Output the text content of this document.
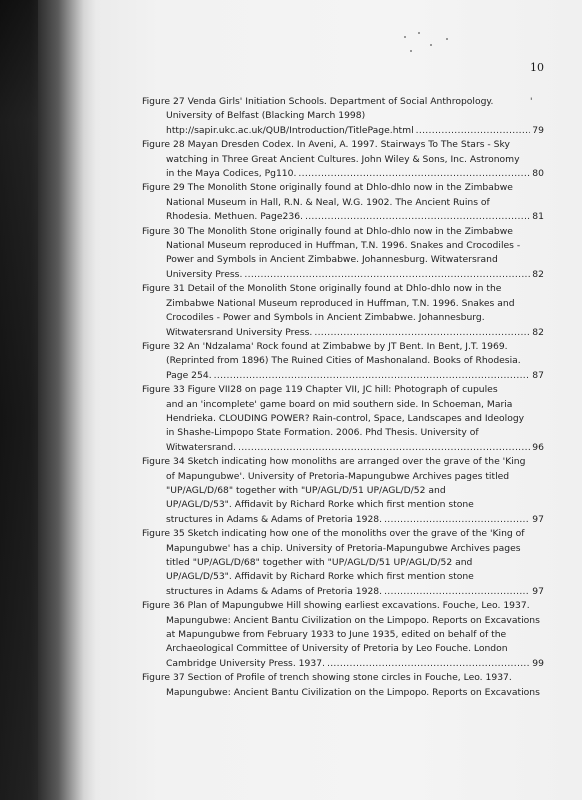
10
'
Figure 27 Venda Girls' Initiation Schools. Department of Social Anthropology.
University of Belfast (Blacking March 1998)
http://sapir.ukc.ac.uk/QUB/Introduction/TitlePage.html .....	79
Figure 28 Mayan Dresden Codex. In Aveni, A. 1997. Stairways To The Stars - Sky
watching in Three Great Ancient Cultures. John Wiley & Sons, Inc. Astronomy
in the Maya Codices, Pg110. .....	80
Figure 29 The Monolith Stone originally found at Dhlo-dhlo now in the Zimbabwe
National Museum in Hall, R.N. & Neal, W.G. 1902. The Ancient Ruins of
Rhodesia. Methuen. Page236. .....	81
Figure 30 The Monolith Stone originally found at Dhlo-dhlo now in the Zimbabwe
National Museum reproduced in Huffman, T.N. 1996. Snakes and Crocodiles -
Power and Symbols in Ancient Zimbabwe. Johannesburg. Witwatersrand
University Press. .....	82
Figure 31 Detail of the Monolith Stone originally found at Dhlo-dhlo now in the
Zimbabwe National Museum reproduced in Huffman, T.N. 1996. Snakes and
Crocodiles - Power and Symbols in Ancient Zimbabwe. Johannesburg.
Witwatersrand University Press. .....	82
Figure 32 An 'Ndzalama' Rock found at Zimbabwe by JT Bent. In Bent, J.T. 1969.
(Reprinted from 1896) The Ruined Cities of Mashonaland. Books of Rhodesia.
Page 254. .....	87
Figure 33 Figure VII28 on page 119 Chapter VII, JC hill: Photograph of cupules
and an 'incomplete' game board on mid southern side. In Schoeman, Maria
Hendrieka. CLOUDING POWER? Rain-control, Space, Landscapes and Ideology
in Shashe-Limpopo State Formation. 2006. Phd Thesis. University of
Witwatersrand. .....	96
Figure 34 Sketch indicating how monoliths are arranged over the grave of the 'King
of Mapungubwe'. University of Pretoria-Mapungubwe Archives pages titled
"UP/AGL/D/68" together with "UP/AGL/D/51 UP/AGL/D/52 and
UP/AGL/D/53". Affidavit by Richard Rorke which first mention stone
structures in Adams & Adams of Pretoria 1928. .....	97
Figure 35 Sketch indicating how one of the monoliths over the grave of the 'King of
Mapungubwe' has a chip. University of Pretoria-Mapungubwe Archives pages
titled "UP/AGL/D/68" together with "UP/AGL/D/51 UP/AGL/D/52 and
UP/AGL/D/53". Affidavit by Richard Rorke which first mention stone
structures in Adams & Adams of Pretoria 1928. .....	97
Figure 36 Plan of Mapungubwe Hill showing earliest excavations. Fouche, Leo. 1937.
Mapungubwe: Ancient Bantu Civilization on the Limpopo. Reports on Excavations
at Mapungubwe from February 1933 to June 1935, edited on behalf of the
Archaeological Committee of University of Pretoria by Leo Fouche. London
Cambridge University Press. 1937. .....	99
Figure 37 Section of Profile of trench showing stone circles in Fouche, Leo. 1937.
Mapungubwe: Ancient Bantu Civilization on the Limpopo. Reports on Excavations
